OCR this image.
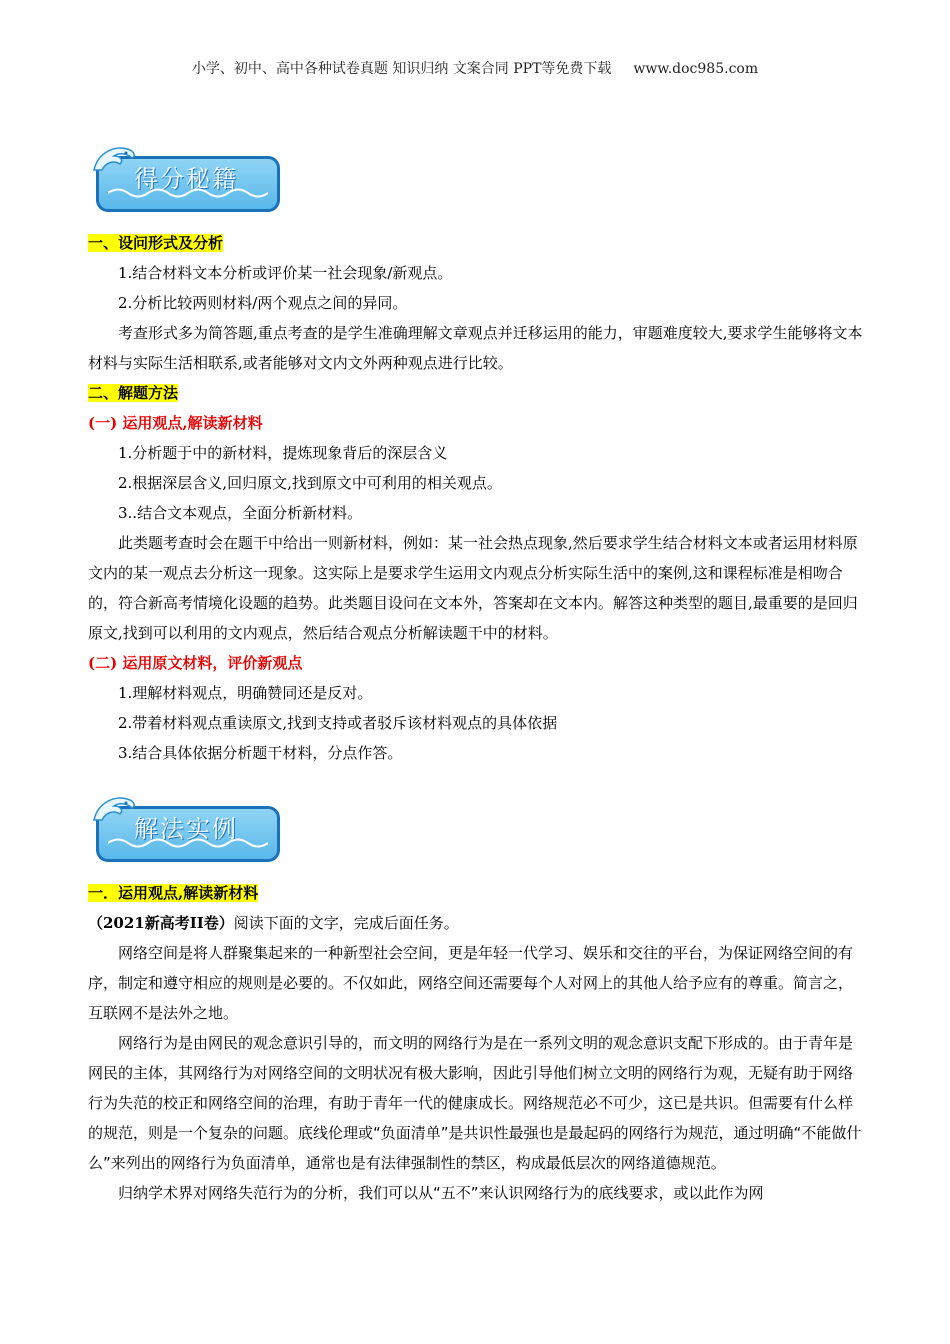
小学、初中、高中各种试卷真题 知识归纳 文案合同 PPT等免费下载 www.doc985.com
得分秘籍
一、设问形式及分析
1.结合材料文本分析或评价某一社会现象/新观点。
2.分析比较两则材料/两个观点之间的异同。
考查形式多为简答题,重点考查的是学生准确理解文章观点并迁移运用的能力，审题难度较大,要求学生能够将文本材料与实际生活相联系,或者能够对文内文外两种观点进行比较。
二、解题方法
(一) 运用观点,解读新材料
1.分析题于中的新材料，提炼现象背后的深层含义
2.根据深层含义,回归原文,找到原文中可利用的相关观点。
3..结合文本观点，全面分析新材料。
此类题考查时会在题干中给出一则新材料，例如：某一社会热点现象,然后要求学生结合材料文本或者运用材料原文内的某一观点去分析这一现象。这实际上是要求学生运用文内观点分析实际生活中的案例,这和课程标准是相吻合的，符合新高考情境化设题的趋势。此类题目设问在文本外，答案却在文本内。解答这种类型的题目,最重要的是回归原文,找到可以利用的文内观点，然后结合观点分析解读题干中的材料。
(二) 运用原文材料，评价新观点
1.理解材料观点，明确赞同还是反对。
2.带着材料观点重读原文,找到支持或者驳斥该材料观点的具体依据
3.结合具体依据分析题干材料，分点作答。
解法实例
一．运用观点,解读新材料
（2021新高考II卷）阅读下面的文字，完成后面任务。
网络空间是将人群聚集起来的一种新型社会空间，更是年轻一代学习、娱乐和交往的平台，为保证网络空间的有序，制定和遵守相应的规则是必要的。不仅如此，网络空间还需要每个人对网上的其他人给予应有的尊重。简言之，互联网不是法外之地。
网络行为是由网民的观念意识引导的，而文明的网络行为是在一系列文明的观念意识支配下形成的。由于青年是网民的主体，其网络行为对网络空间的文明状况有极大影响，因此引导他们树立文明的网络行为观，无疑有助于网络行为失范的校正和网络空间的治理，有助于青年一代的健康成长。网络规范必不可少，这已是共识。但需要有什么样的规范，则是一个复杂的问题。底线伦理或“负面清单”是共识性最强也是最起码的网络行为规范，通过明确“不能做什么”来列出的网络行为负面清单，通常也是有法律强制性的禁区，构成最低层次的网络道德规范。
归纳学术界对网络失范行为的分析，我们可以从“五不”来认识网络行为的底线要求，或以此作为网
